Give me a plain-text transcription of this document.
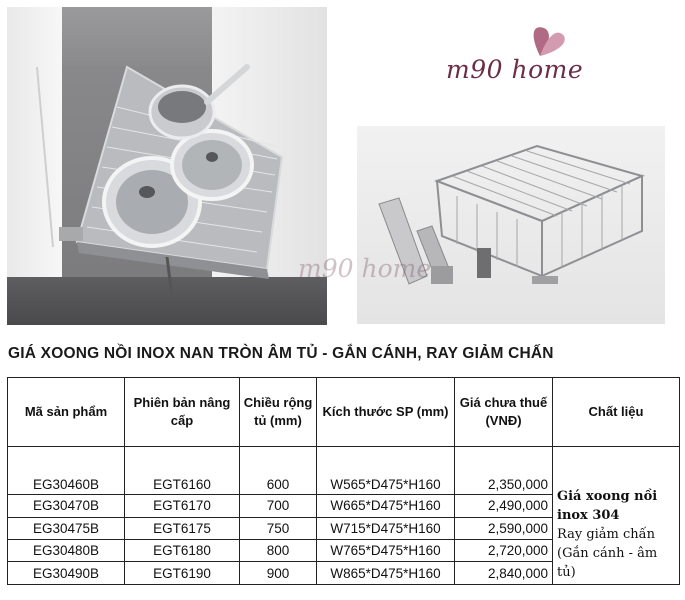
m90 home
m90 home
GIÁ XOONG NỒI INOX NAN TRÒN ÂM TỦ - GẮN CÁNH, RAY GIẢM CHẤN
Mã sản phẩm	Phiên bản nâng cấp	Chiều rộng tủ (mm)	Kích thước SP (mm)	Giá chưa thuế (VNĐ)	Chất liệu
EG30460B	EGT6160	600	W565*D475*H160	2,350,000	Giá xoong nồi
inox 304
Ray giảm chấn
(Gắn cánh - âm tủ)

EG30470B	EGT6170	700	W665*D475*H160	2,490,000	
EG30475B	EGT6175	750	W715*D475*H160	2,590,000	
EG30480B	EGT6180	800	W765*D475*H160	2,720,000	
EG30490B	EGT6190	900	W865*D475*H160	2,840,000	
